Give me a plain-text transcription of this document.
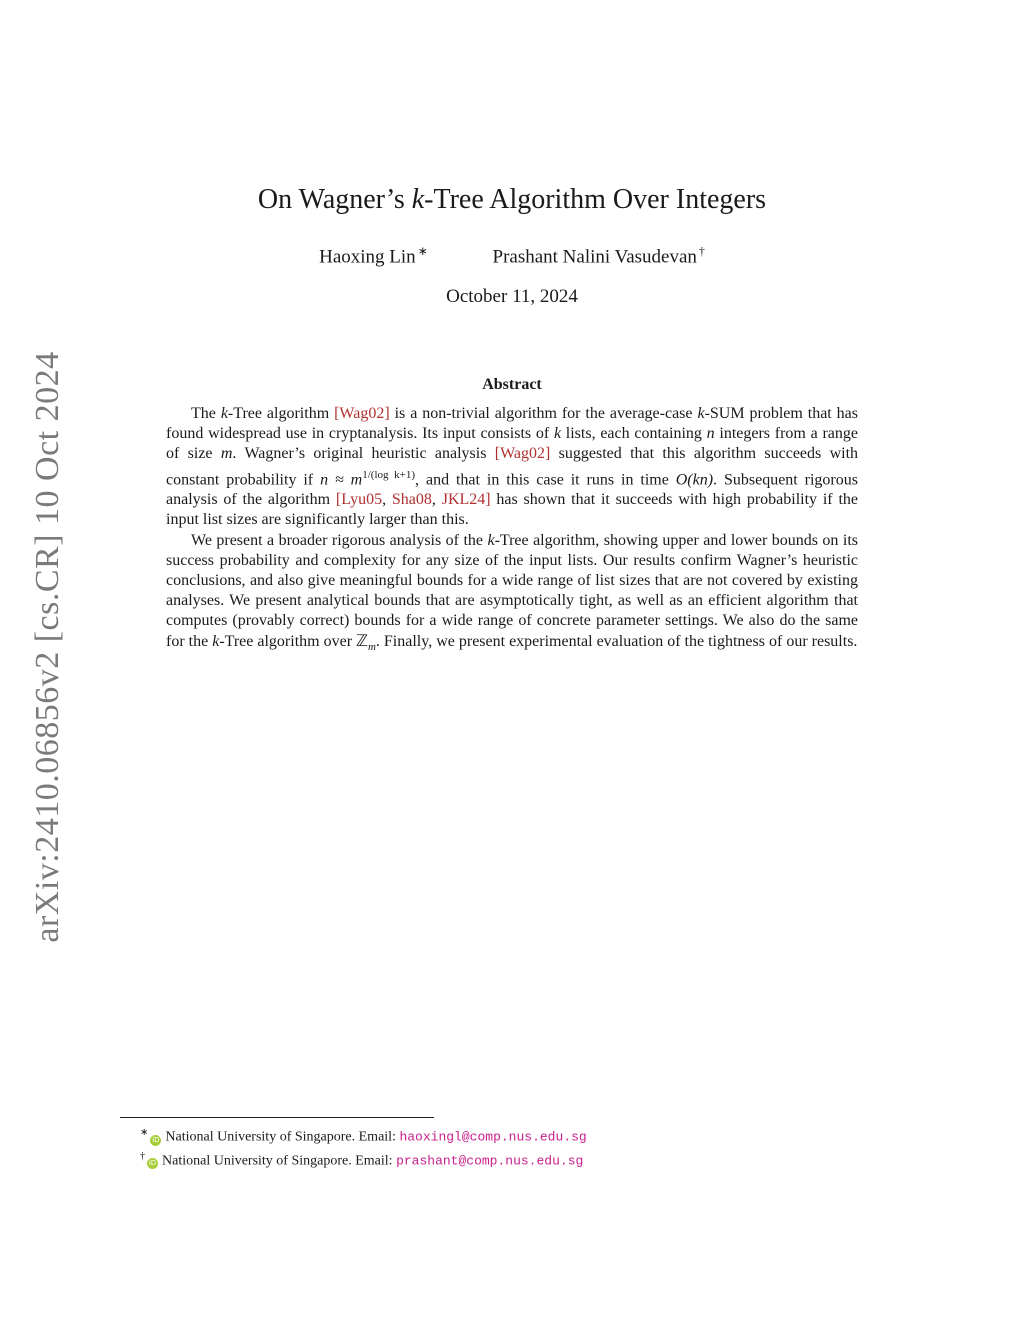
arXiv:2410.06856v2 [cs.CR] 10 Oct 2024
On Wagner’s k-Tree Algorithm Over Integers
Haoxing Lin ∗	Prashant Nalini Vasudevan †
October 11, 2024
Abstract

The k-Tree algorithm [Wag02] is a non-trivial algorithm for the average-case k-SUM problem that has found widespread use in cryptanalysis. Its input consists of k lists, each containing n integers from a range of size m. Wagner’s original heuristic analysis [Wag02] suggested that this algorithm succeeds with constant probability if $n \approx m^{1/(log k+1)}$, and that in this case it runs in time O(kn). Subsequent rigorous analysis of the algorithm [Lyu05, Sha08, JKL24] has shown that it succeeds with high probability if the input list sizes are significantly larger than this.

We present a broader rigorous analysis of the k-Tree algorithm, showing upper and lower bounds on its success probability and complexity for any size of the input lists. Our results confirm Wagner’s heuristic conclusions, and also give meaningful bounds for a wide range of list sizes that are not covered by existing analyses. We present analytical bounds that are asymptotically tight, as well as an efficient algorithm that computes (provably correct) bounds for a wide range of concrete parameter settings. We also do the same for the k-Tree algorithm over ℤ$_m$. Finally, we present experimental evaluation of the tightness of our results.

∗iD National University of Singapore. Email: haoxingl@comp.nus.edu.sg
†iD National University of Singapore. Email: prashant@comp.nus.edu.sg
